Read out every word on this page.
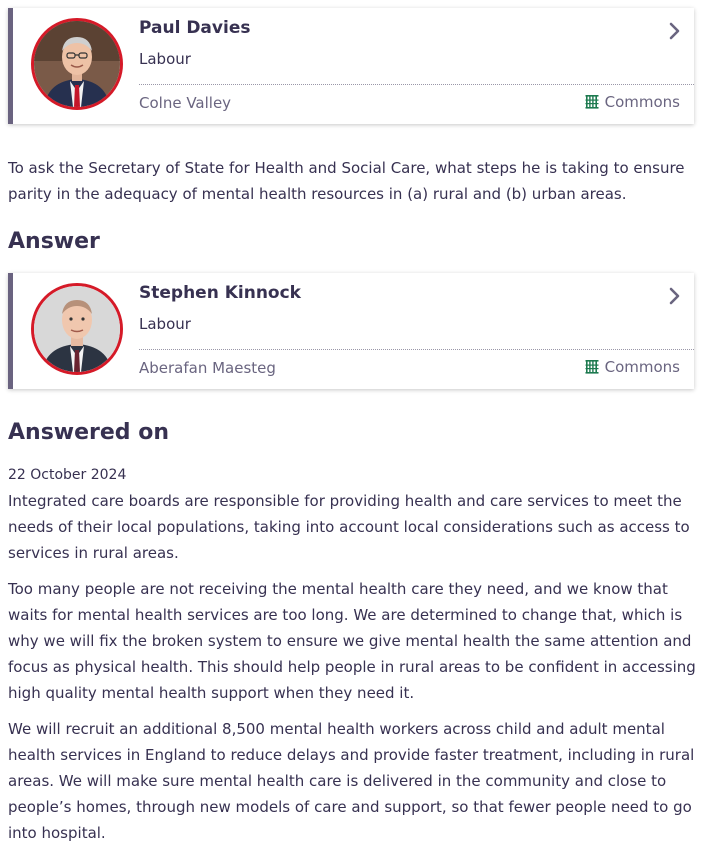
Paul Davies
Labour
Colne Valley	Commons

To ask the Secretary of State for Health and Social Care, what steps he is taking to ensure parity in the adequacy of mental health resources in (a) rural and (b) urban areas.

Answer
Stephen Kinnock
Labour
Aberafan Maesteg	Commons
Answered on
22 October 2024

Integrated care boards are responsible for providing health and care services to meet the needs of their local populations, taking into account local considerations such as access to services in rural areas.

Too many people are not receiving the mental health care they need, and we know that waits for mental health services are too long. We are determined to change that, which is why we will fix the broken system to ensure we give mental health the same attention and focus as physical health. This should help people in rural areas to be confident in accessing high quality mental health support when they need it.

We will recruit an additional 8,500 mental health workers across child and adult mental health services in England to reduce delays and provide faster treatment, including in rural areas. We will make sure mental health care is delivered in the community and close to people’s homes, through new models of care and support, so that fewer people need to go into hospital.
